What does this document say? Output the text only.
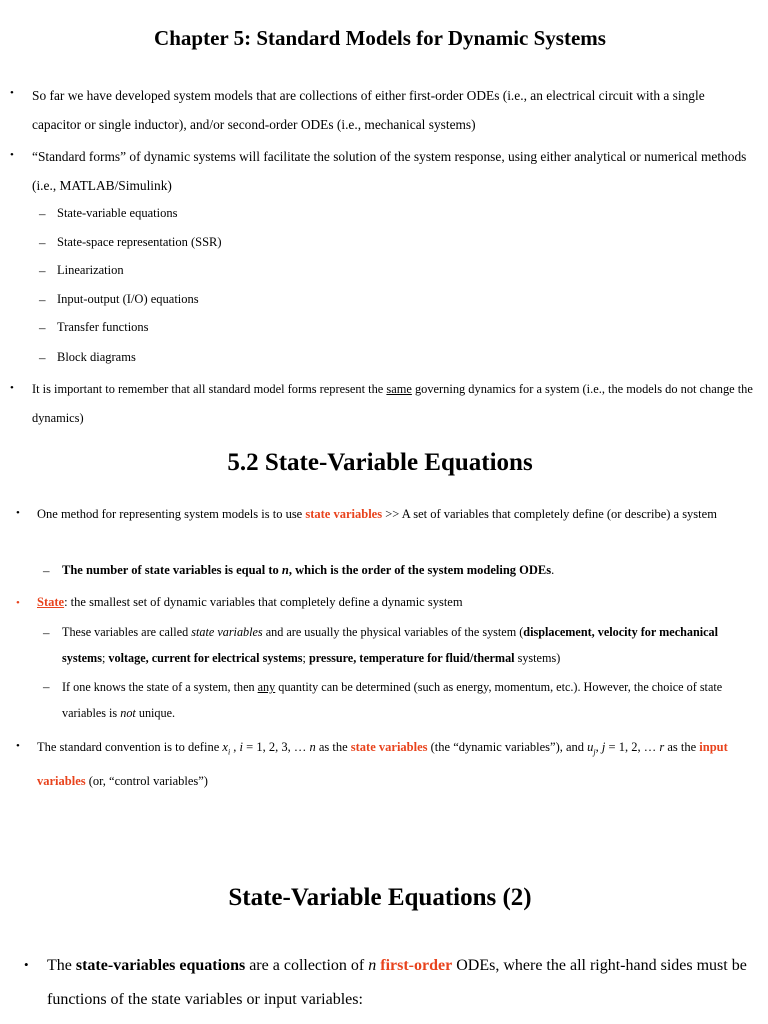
Chapter 5: Standard Models for Dynamic Systems
• So far we have developed system models that are collections of either first-order ODEs (i.e., an electrical circuit with a single capacitor or single inductor), and/or second-order ODEs (i.e., mechanical systems)
• “Standard forms” of dynamic systems will facilitate the solution of the system response, using either analytical or numerical methods (i.e., MATLAB/Simulink)
– State-variable equations
– State-space representation (SSR)
– Linearization
– Input-output (I/O) equations
– Transfer functions
– Block diagrams
• It is important to remember that all standard model forms represent the same governing dynamics for a system (i.e., the models do not change the dynamics)
5.2 State-Variable Equations
• One method for representing system models is to use state variables >> A set of variables that completely define (or describe) a system
– The number of state variables is equal to n, which is the order of the system modeling ODEs.
• State: the smallest set of dynamic variables that completely define a dynamic system
– These variables are called state variables and are usually the physical variables of the system (displacement, velocity for mechanical systems; voltage, current for electrical systems; pressure, temperature for fluid/thermal systems)
– If one knows the state of a system, then any quantity can be determined (such as energy, momentum, etc.). However, the choice of state variables is not unique.
• The standard convention is to define $x_i$ , i = 1, 2, 3, … n as the state variables (the “dynamic variables”), and $u_j$, j = 1, 2, … r as the input variables (or, “control variables”)
State-Variable Equations (2)
• The state-variables equations are a collection of n first-order ODEs, where the all right-hand sides must be functions of the state variables or input variables:
